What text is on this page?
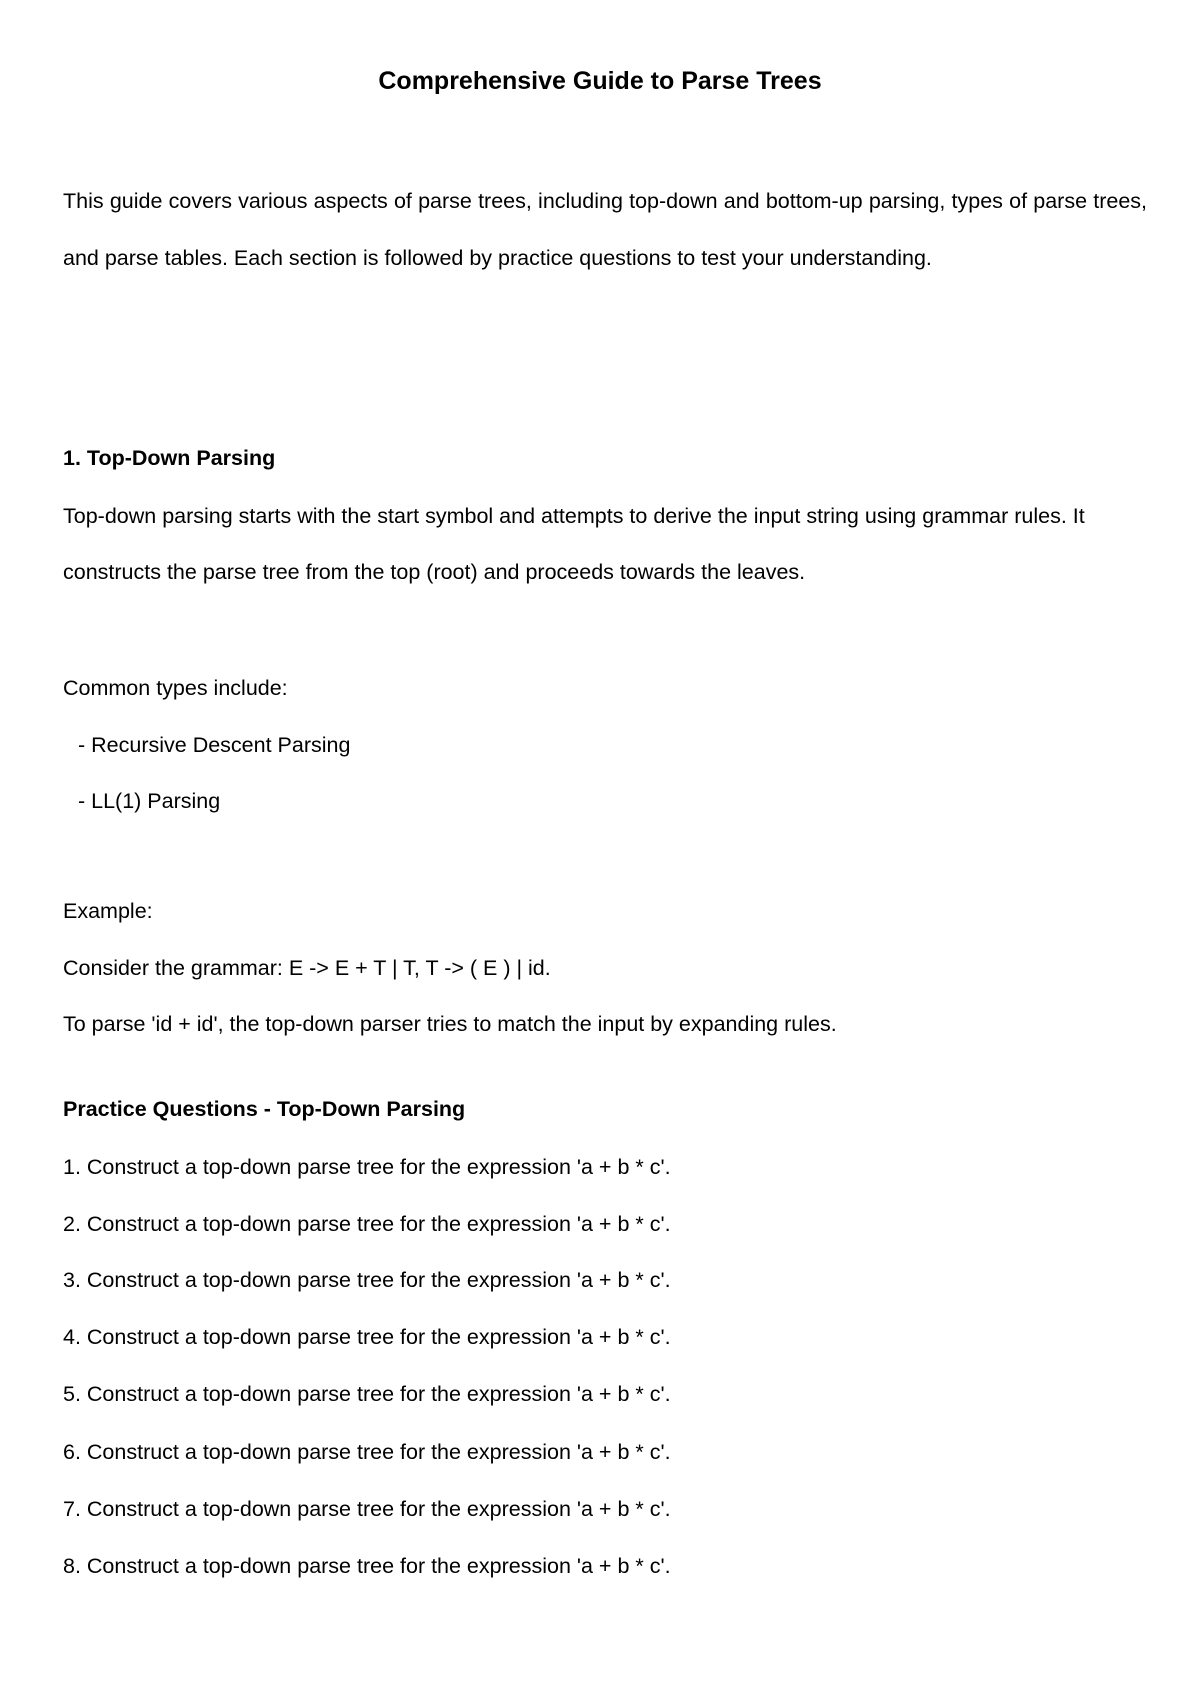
Comprehensive Guide to Parse Trees

This guide covers various aspects of parse trees, including top-down and bottom-up parsing, types of parse trees, and parse tables. Each section is followed by practice questions to test your understanding.

1. Top-Down Parsing

Top-down parsing starts with the start symbol and attempts to derive the input string using grammar rules. It constructs the parse tree from the top (root) and proceeds towards the leaves.

Common types include:

- Recursive Descent Parsing

- LL(1) Parsing

Example:

Consider the grammar: E -> E + T | T, T -> ( E ) | id.

To parse 'id + id', the top-down parser tries to match the input by expanding rules.

Practice Questions - Top-Down Parsing

1. Construct a top-down parse tree for the expression 'a + b * c'.

2. Construct a top-down parse tree for the expression 'a + b * c'.

3. Construct a top-down parse tree for the expression 'a + b * c'.

4. Construct a top-down parse tree for the expression 'a + b * c'.

5. Construct a top-down parse tree for the expression 'a + b * c'.

6. Construct a top-down parse tree for the expression 'a + b * c'.

7. Construct a top-down parse tree for the expression 'a + b * c'.

8. Construct a top-down parse tree for the expression 'a + b * c'.
